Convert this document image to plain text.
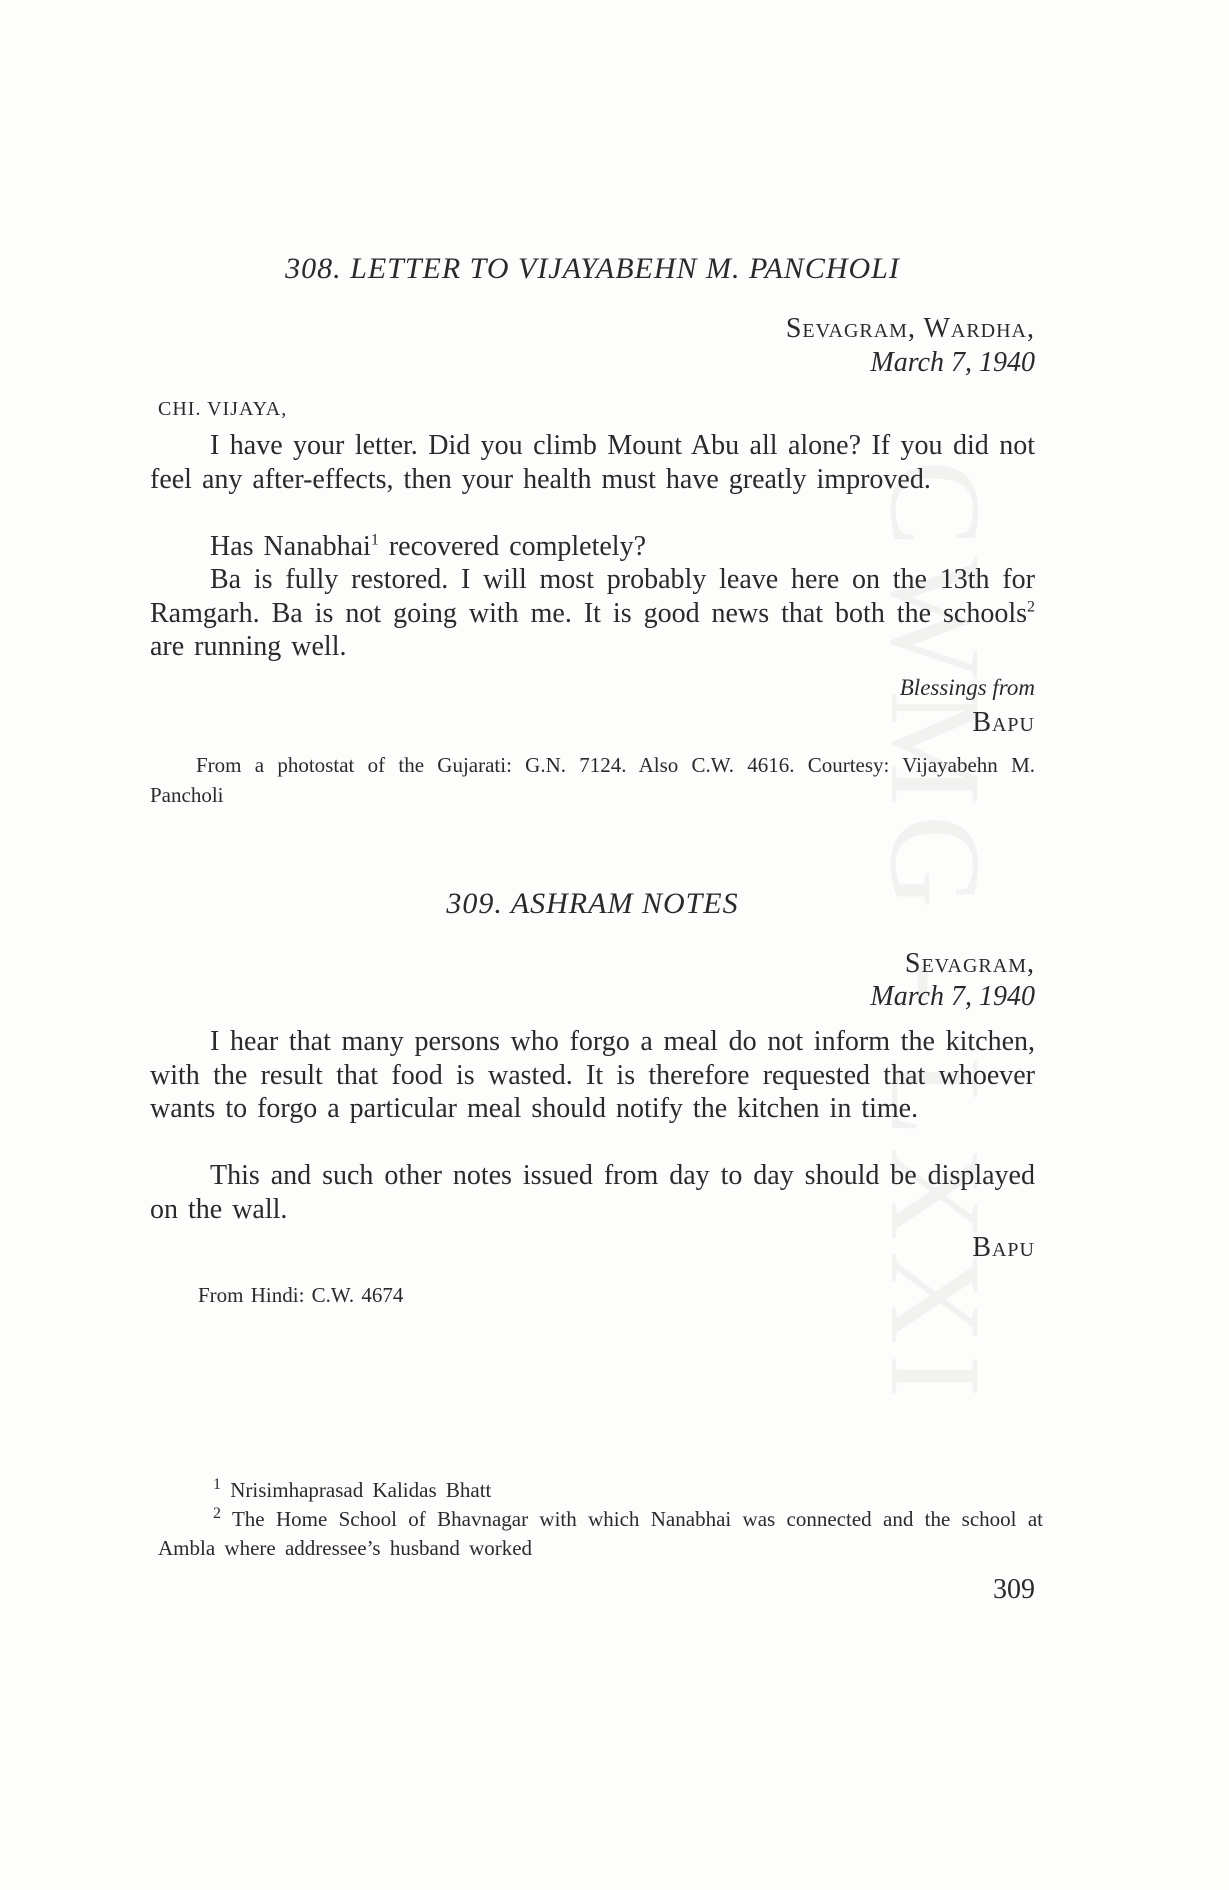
308. LETTER TO VIJAYABEHN M. PANCHOLI

Sevagram, Wardha,

March 7, 1940

CHI. VIJAYA,

I have your letter. Did you climb Mount Abu all alone? If you did not feel any after-effects, then your health must have greatly improved.

Has Nanabhai$^1$ recovered completely?

Ba is fully restored. I will most probably leave here on the 13th for Ramgarh. Ba is not going with me. It is good news that both the schools$^2$ are running well.

Blessings from

Bapu

From a photostat of the Gujarati: G.N. 7124. Also C.W. 4616. Courtesy: Vijayabehn M. Pancholi

309. ASHRAM NOTES

Sevagram,

March 7, 1940

I hear that many persons who forgo a meal do not inform the kitchen, with the result that food is wasted. It is therefore requested that whoever wants to forgo a particular meal should notify the kitchen in time.

This and such other notes issued from day to day should be displayed on the wall.

Bapu

From Hindi: C.W. 4674

$^1$ Nrisimhaprasad Kalidas Bhatt

$^2$ The Home School of Bhavnagar with which Nanabhai was connected and the school at Ambla where addressee’s husband worked

309
